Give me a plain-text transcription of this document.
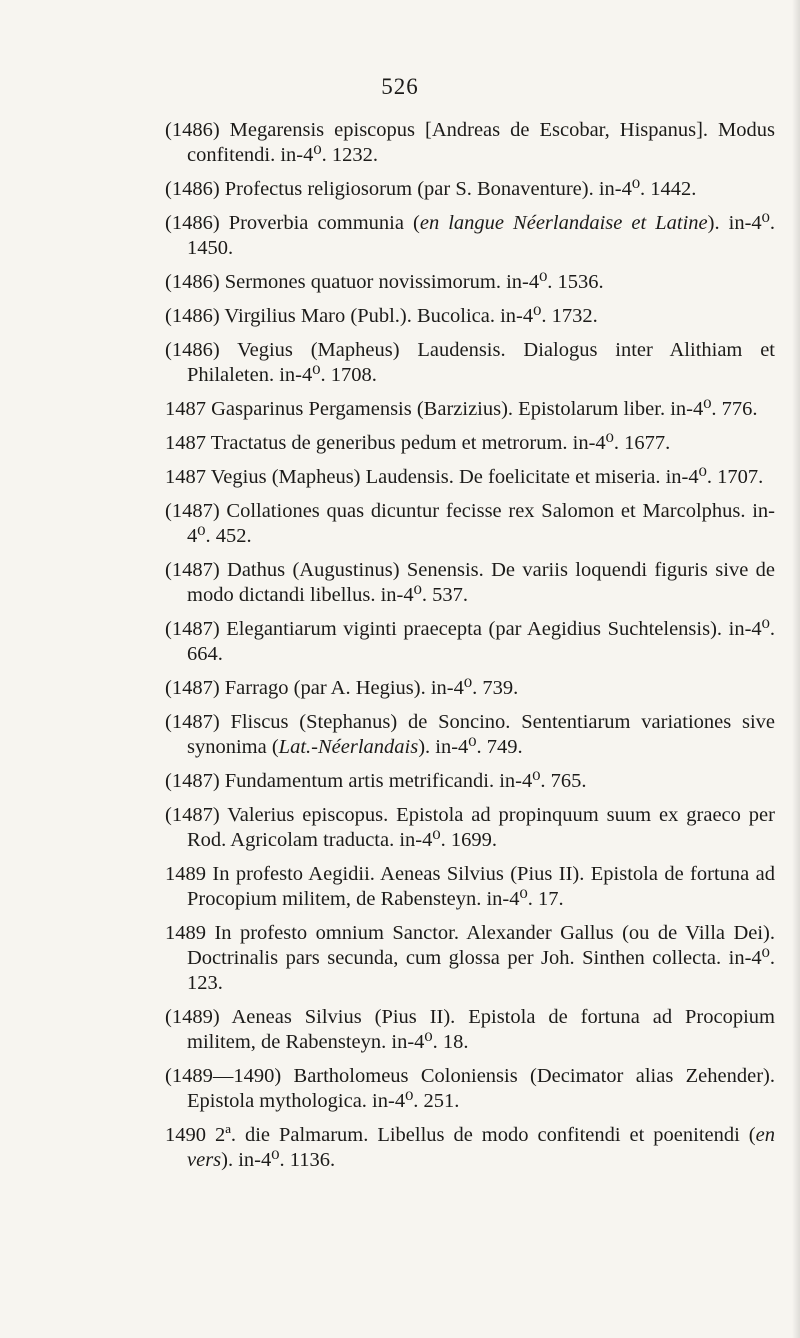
526
(1486) Megarensis episcopus [Andreas de Escobar, Hispanus]. Modus confitendi. in-4⁰. 1232.
(1486) Profectus religiosorum (par S. Bonaventure). in-4⁰. 1442.
(1486) Proverbia communia (en langue Néerlandaise et Latine). in-4⁰. 1450.
(1486) Sermones quatuor novissimorum. in-4⁰. 1536.
(1486) Virgilius Maro (Publ.). Bucolica. in-4⁰. 1732.
(1486) Vegius (Mapheus) Laudensis. Dialogus inter Alithiam et Philaleten. in-4⁰. 1708.
1487 Gasparinus Pergamensis (Barzizius). Epistolarum liber. in-4⁰. 776.
1487 Tractatus de generibus pedum et metrorum. in-4⁰. 1677.
1487 Vegius (Mapheus) Laudensis. De foelicitate et miseria. in-4⁰. 1707.
(1487) Collationes quas dicuntur fecisse rex Salomon et Marcolphus. in-4⁰. 452.
(1487) Dathus (Augustinus) Senensis. De variis loquendi figuris sive de modo dictandi libellus. in-4⁰. 537.
(1487) Elegantiarum viginti praecepta (par Aegidius Suchtelensis). in-4⁰. 664.
(1487) Farrago (par A. Hegius). in-4⁰. 739.
(1487) Fliscus (Stephanus) de Soncino. Sententiarum variationes sive synonima (Lat.-Néerlandais). in-4⁰. 749.
(1487) Fundamentum artis metrificandi. in-4⁰. 765.
(1487) Valerius episcopus. Epistola ad propinquum suum ex graeco per Rod. Agricolam traducta. in-4⁰. 1699.
1489 In profesto Aegidii. Aeneas Silvius (Pius II). Epistola de fortuna ad Procopium militem, de Rabensteyn. in-4⁰. 17.
1489 In profesto omnium Sanctor. Alexander Gallus (ou de Villa Dei). Doctrinalis pars secunda, cum glossa per Joh. Sinthen collecta. in-4⁰. 123.
(1489) Aeneas Silvius (Pius II). Epistola de fortuna ad Procopium militem, de Rabensteyn. in-4⁰. 18.
(1489—1490) Bartholomeus Coloniensis (Decimator alias Zehender). Epistola mythologica. in-4⁰. 251.
1490 2ª. die Palmarum. Libellus de modo confitendi et poenitendi (en vers). in-4⁰. 1136.
